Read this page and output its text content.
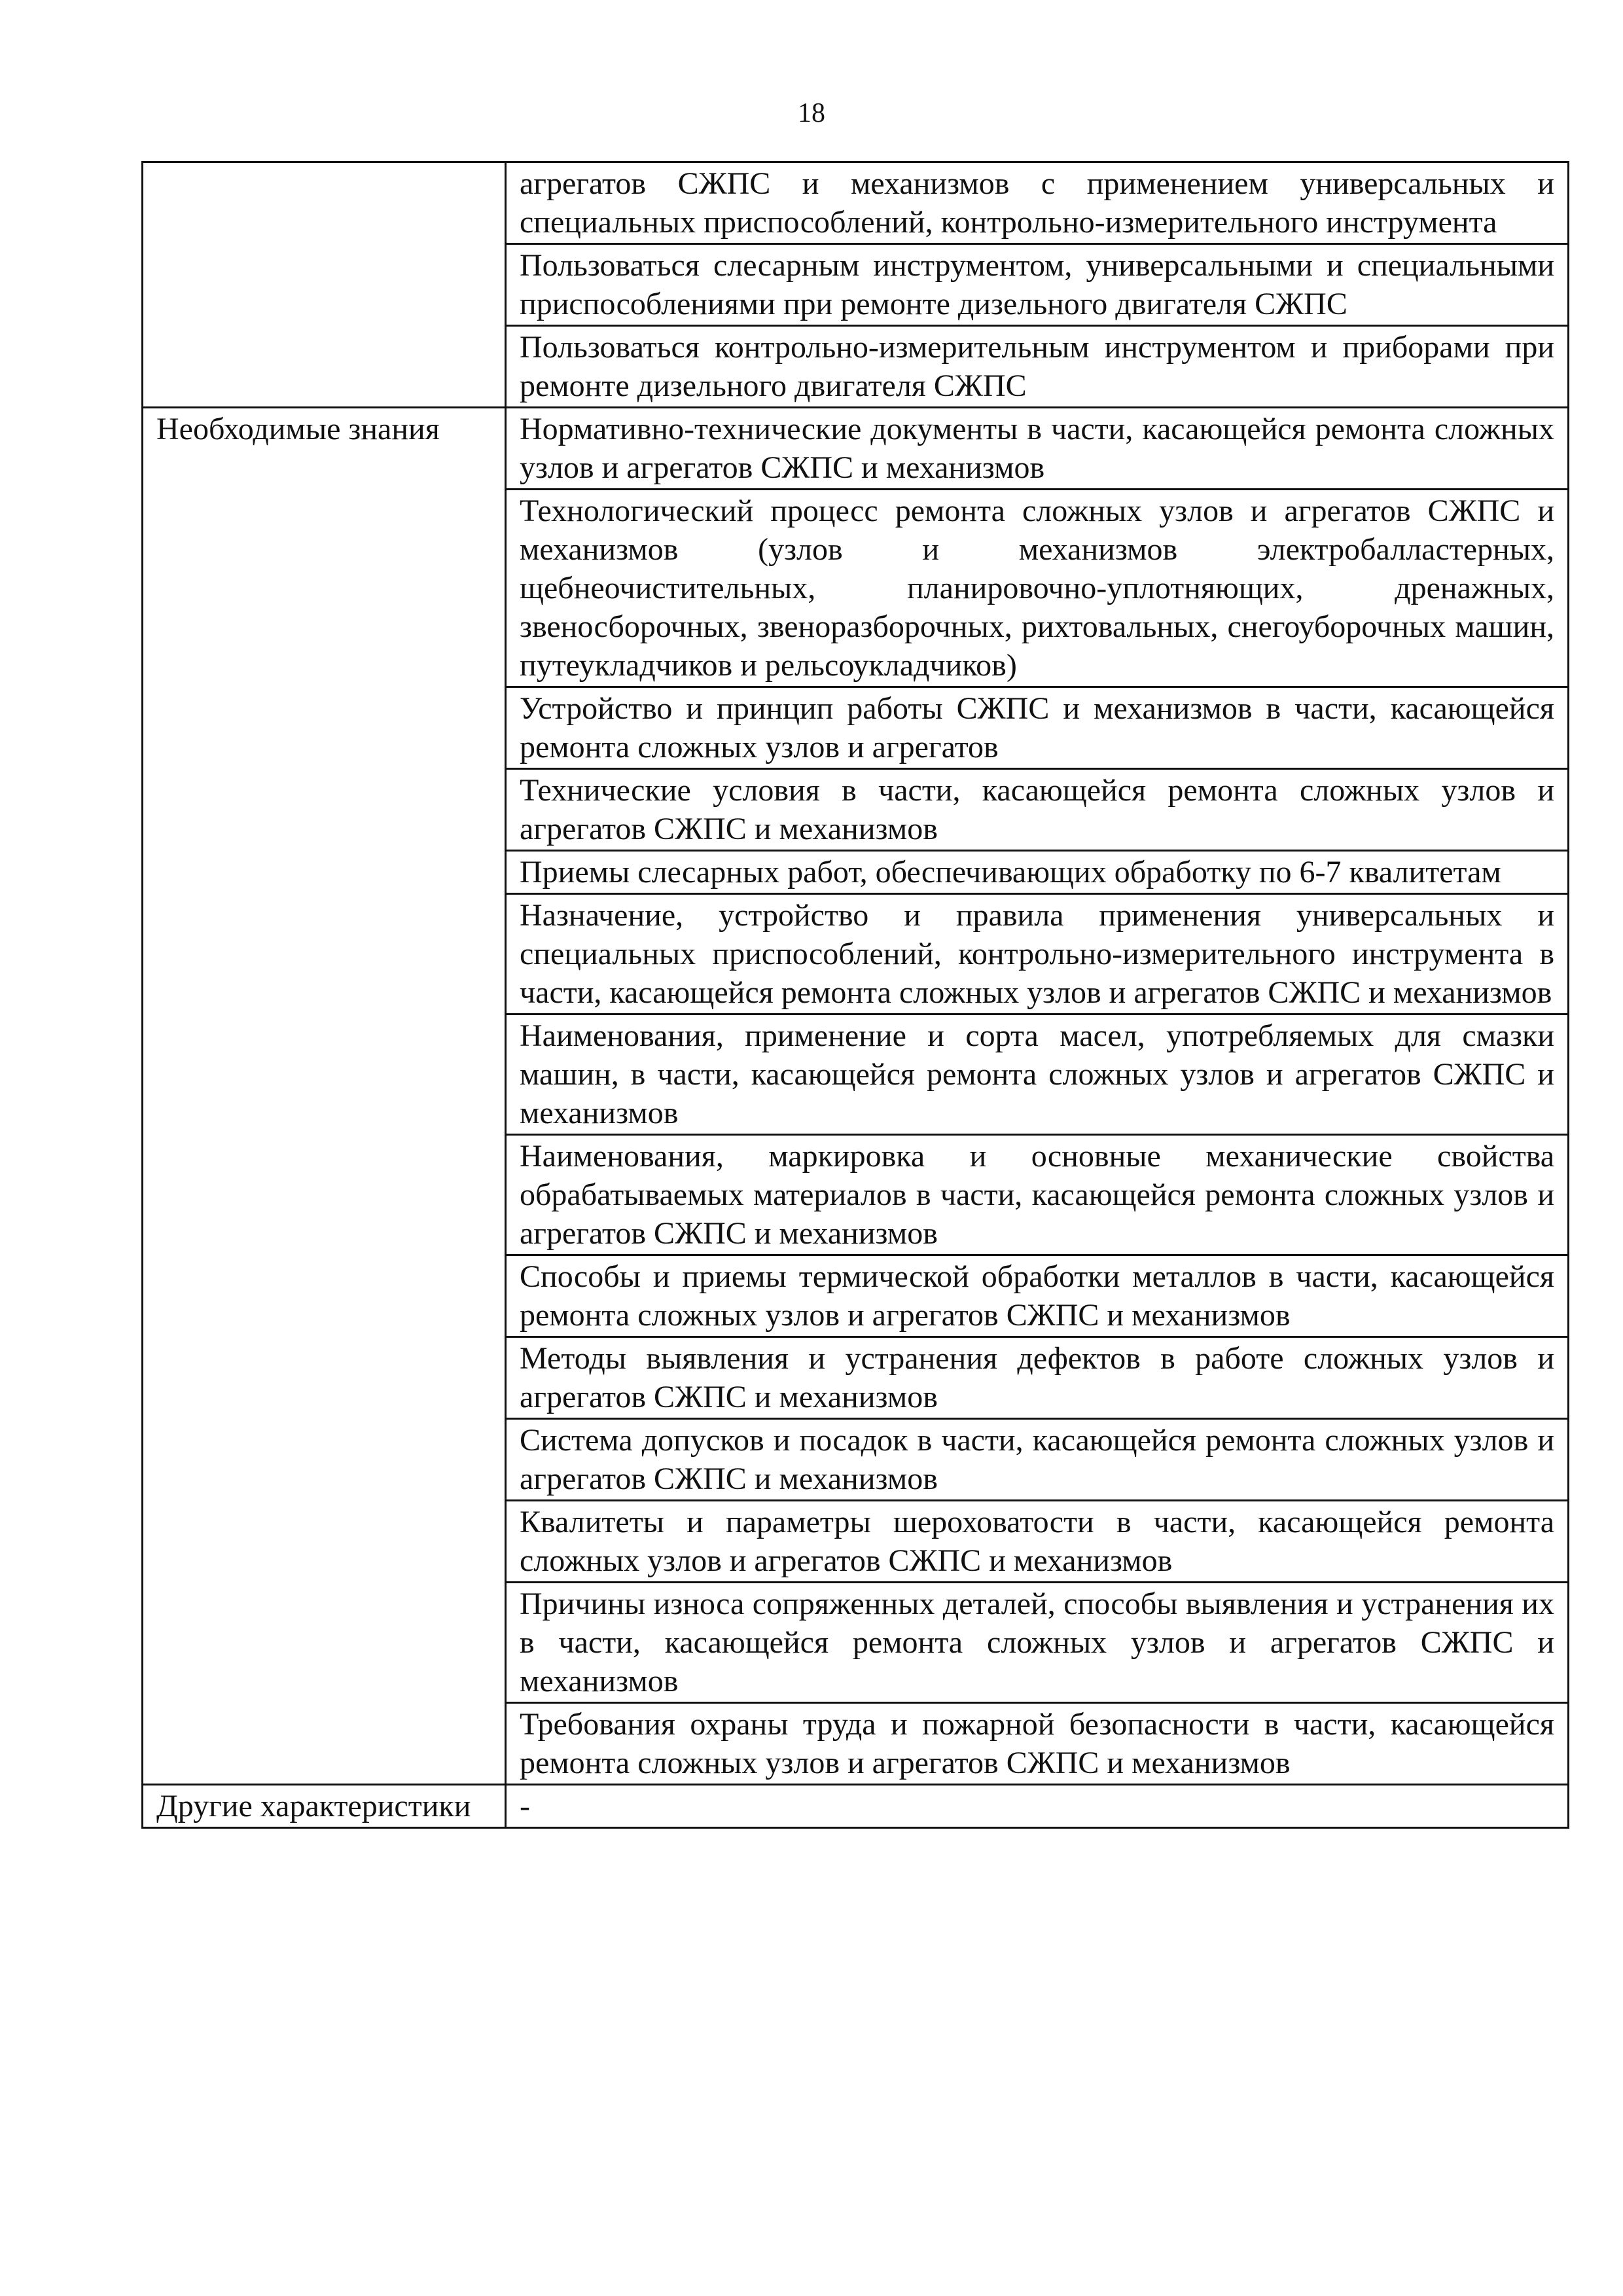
18
	агрегатов СЖПС и механизмов с применением универсальных и специальных приспособлений, контрольно-измерительного инструмента
	Пользоваться слесарным инструментом, универсальными и специальными приспособлениями при ремонте дизельного двигателя СЖПС
	Пользоваться контрольно-измерительным инструментом и приборами при ремонте дизельного двигателя СЖПС
Необходимые знания	Нормативно-технические документы в части, касающейся ремонта сложных узлов и агрегатов СЖПС и механизмов
	Технологический процесс ремонта сложных узлов и агрегатов СЖПС и механизмов (узлов и механизмов электробалластерных, щебнеочистительных, планировочно-уплотняющих, дренажных, звеносборочных, звеноразборочных, рихтовальных, снегоуборочных машин, путеукладчиков и рельсоукладчиков)
	Устройство и принцип работы СЖПС и механизмов в части, касающейся ремонта сложных узлов и агрегатов
	Технические условия в части, касающейся ремонта сложных узлов и агрегатов СЖПС и механизмов
	Приемы слесарных работ, обеспечивающих обработку по 6-7 квалитетам
	Назначение, устройство и правила применения универсальных и специальных приспособлений, контрольно-измерительного инструмента в части, касающейся ремонта сложных узлов и агрегатов СЖПС и механизмов
	Наименования, применение и сорта масел, употребляемых для смазки машин, в части, касающейся ремонта сложных узлов и агрегатов СЖПС и механизмов
	Наименования, маркировка и основные механические свойства обрабатываемых материалов в части, касающейся ремонта сложных узлов и агрегатов СЖПС и механизмов
	Способы и приемы термической обработки металлов в части, касающейся ремонта сложных узлов и агрегатов СЖПС и механизмов
	Методы выявления и устранения дефектов в работе сложных узлов и агрегатов СЖПС и механизмов
	Система допусков и посадок в части, касающейся ремонта сложных узлов и агрегатов СЖПС и механизмов
	Квалитеты и параметры шероховатости в части, касающейся ремонта сложных узлов и агрегатов СЖПС и механизмов
	Причины износа сопряженных деталей, способы выявления и устранения их в части, касающейся ремонта сложных узлов и агрегатов СЖПС и механизмов
	Требования охраны труда и пожарной безопасности в части, касающейся ремонта сложных узлов и агрегатов СЖПС и механизмов
Другие характеристики	-
